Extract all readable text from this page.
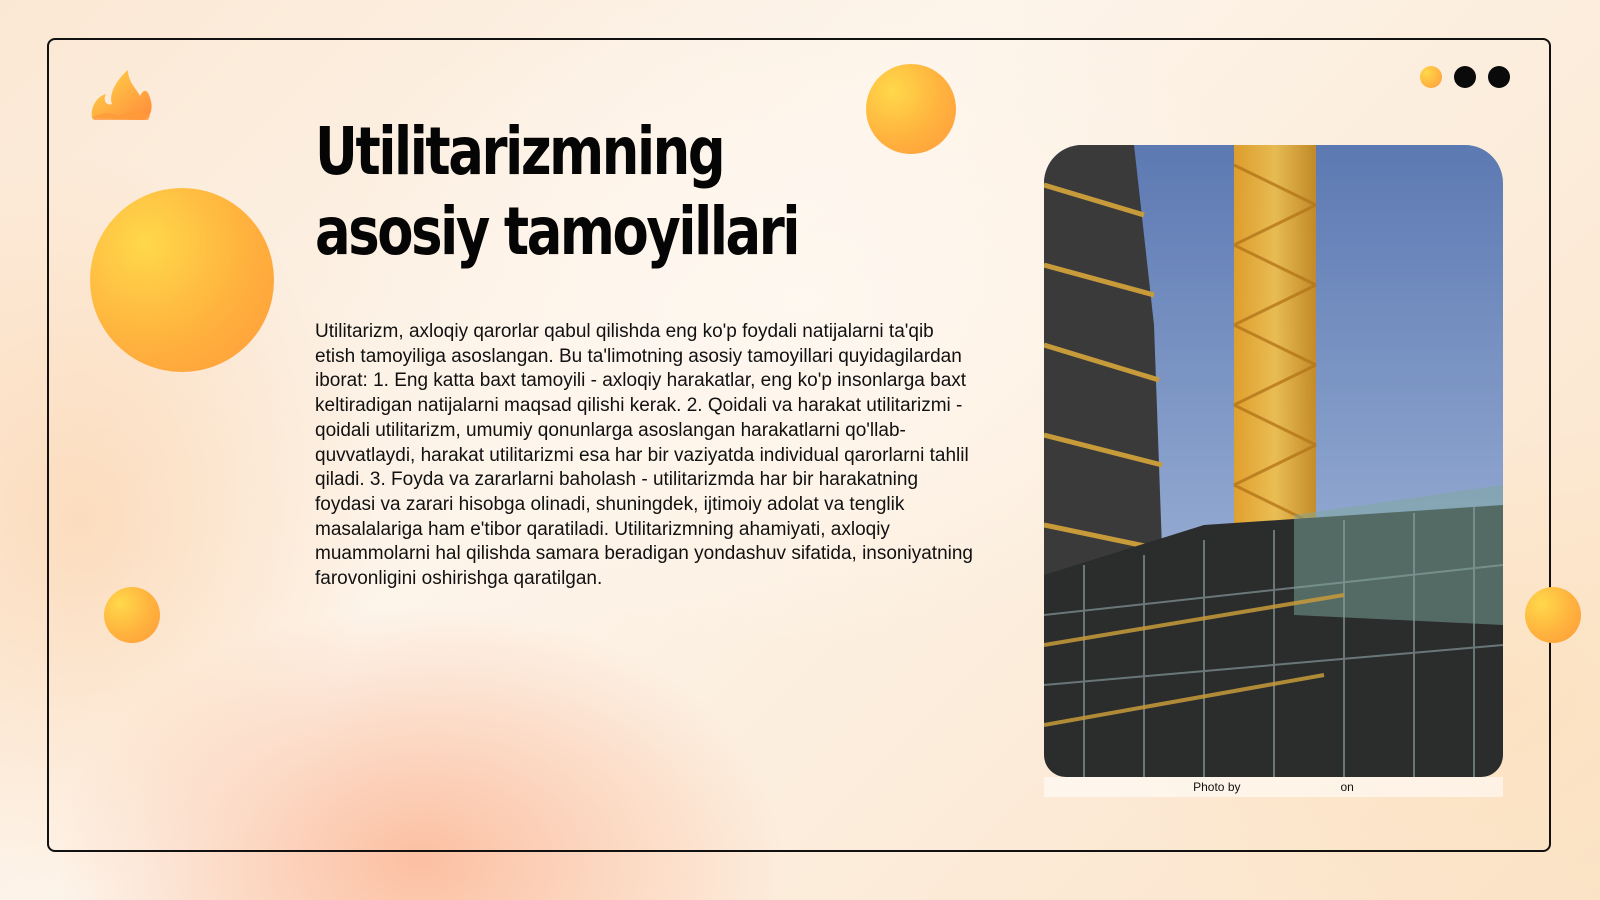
Utilitarizmning asosiy tamoyillari

Utilitarizm, axloqiy qarorlar qabul qilishda eng ko'p foydali natijalarni ta'qib etish tamoyiliga asoslangan. Bu ta'limotning asosiy tamoyillari quyidagilardan iborat: 1. Eng katta baxt tamoyili - axloqiy harakatlar, eng ko'p insonlarga baxt keltiradigan natijalarni maqsad qilishi kerak. 2. Qoidali va harakat utilitarizmi - qoidali utilitarizm, umumiy qonunlarga asoslangan harakatlarni qo'llab-quvvatlaydi, harakat utilitarizmi esa har bir vaziyatda individual qarorlarni tahlil qiladi. 3. Foyda va zararlarni baholash - utilitarizmda har bir harakatning foydasi va zarari hisobga olinadi, shuningdek, ijtimoiy adolat va tenglik masalalariga ham e'tibor qaratiladi. Utilitarizmning ahamiyati, axloqiy muammolarni hal qilishda samara beradigan yondashuv sifatida, insoniyatning farovonligini oshirishga qaratilgan.

Photo by	on
